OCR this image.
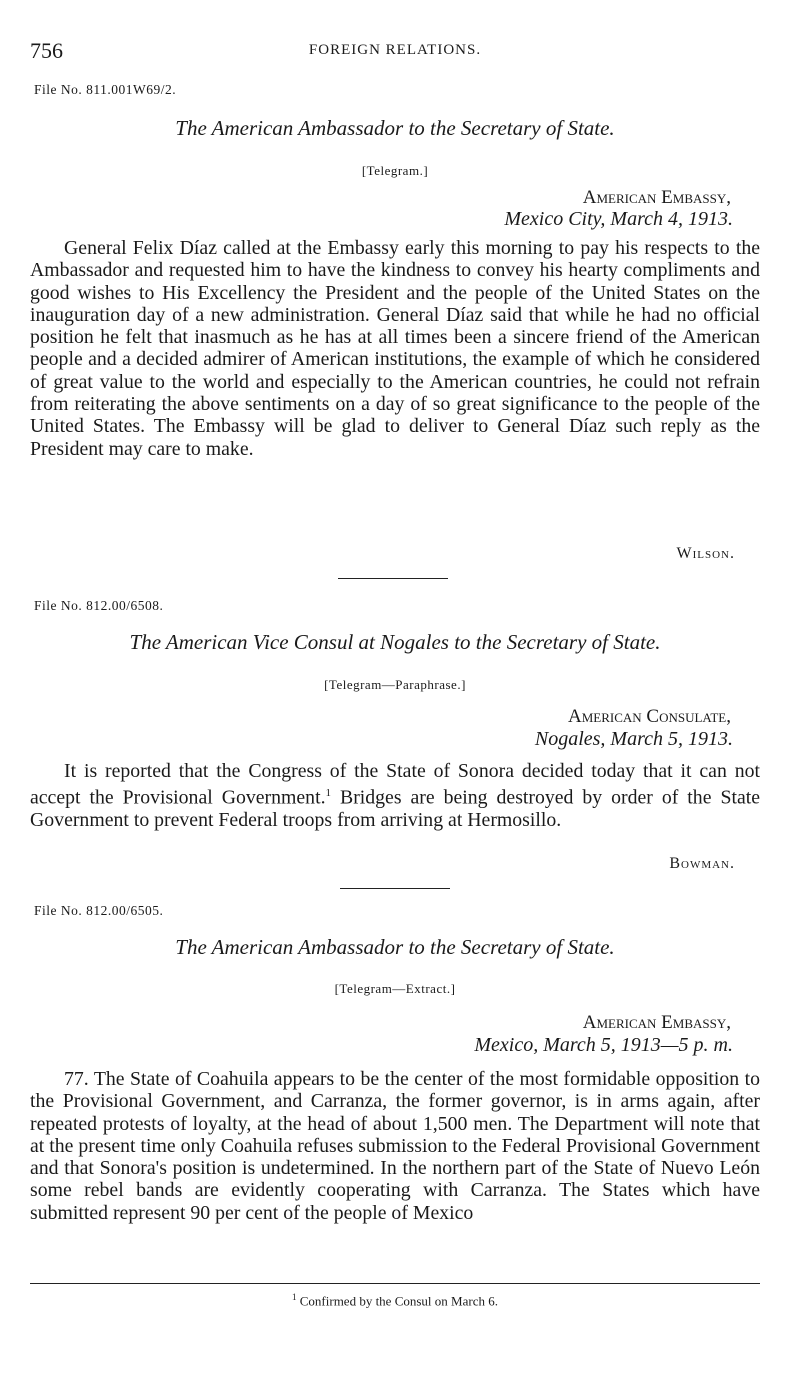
756	FOREIGN RELATIONS.
File No. 811.001W69/2.
The American Ambassador to the Secretary of State.
[Telegram.]
American Embassy,
Mexico City, March 4, 1913.
General Felix Díaz called at the Embassy early this morning to pay his respects to the Ambassador and requested him to have the kindness to convey his hearty compliments and good wishes to His Excellency the President and the people of the United States on the inauguration day of a new administration. General Díaz said that while he had no official position he felt that inasmuch as he has at all times been a sincere friend of the American people and a decided admirer of American institutions, the example of which he considered of great value to the world and especially to the American countries, he could not refrain from reiterating the above sentiments on a day of so great significance to the people of the United States. The Embassy will be glad to deliver to General Díaz such reply as the President may care to make.
Wilson.
File No. 812.00/6508.
The American Vice Consul at Nogales to the Secretary of State.
[Telegram—Paraphrase.]
American Consulate,
Nogales, March 5, 1913.
It is reported that the Congress of the State of Sonora decided today that it can not accept the Provisional Government.$^1$ Bridges are being destroyed by order of the State Government to prevent Federal troops from arriving at Hermosillo.
Bowman.
File No. 812.00/6505.
The American Ambassador to the Secretary of State.
[Telegram—Extract.]
American Embassy,
Mexico, March 5, 1913—5 p. m.
77. The State of Coahuila appears to be the center of the most formidable opposition to the Provisional Government, and Carranza, the former governor, is in arms again, after repeated protests of loyalty, at the head of about 1,500 men. The Department will note that at the present time only Coahuila refuses submission to the Federal Provisional Government and that Sonora's position is undetermined. In the northern part of the State of Nuevo León some rebel bands are evidently cooperating with Carranza. The States which have submitted represent 90 per cent of the people of Mexico
$^1$ Confirmed by the Consul on March 6.
